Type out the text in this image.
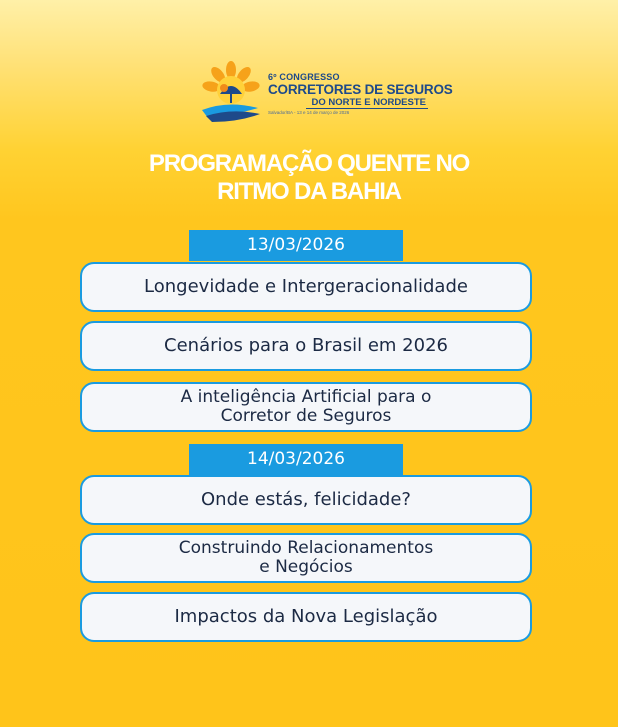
6º CONGRESSO
CORRETORES DE SEGUROS
DO NORTE E NORDESTE
Salvador/BA - 13 e 14 de março de 2026
PROGRAMAÇÃO QUENTE NO
RITMO DA BAHIA
13/03/2026
Longevidade e Intergeracionalidade
Cenários para o Brasil em 2026
A inteligência Artificial para o
Corretor de Seguros
14/03/2026
Onde estás, felicidade?
Construindo Relacionamentos
e Negócios
Impactos da Nova Legislação
